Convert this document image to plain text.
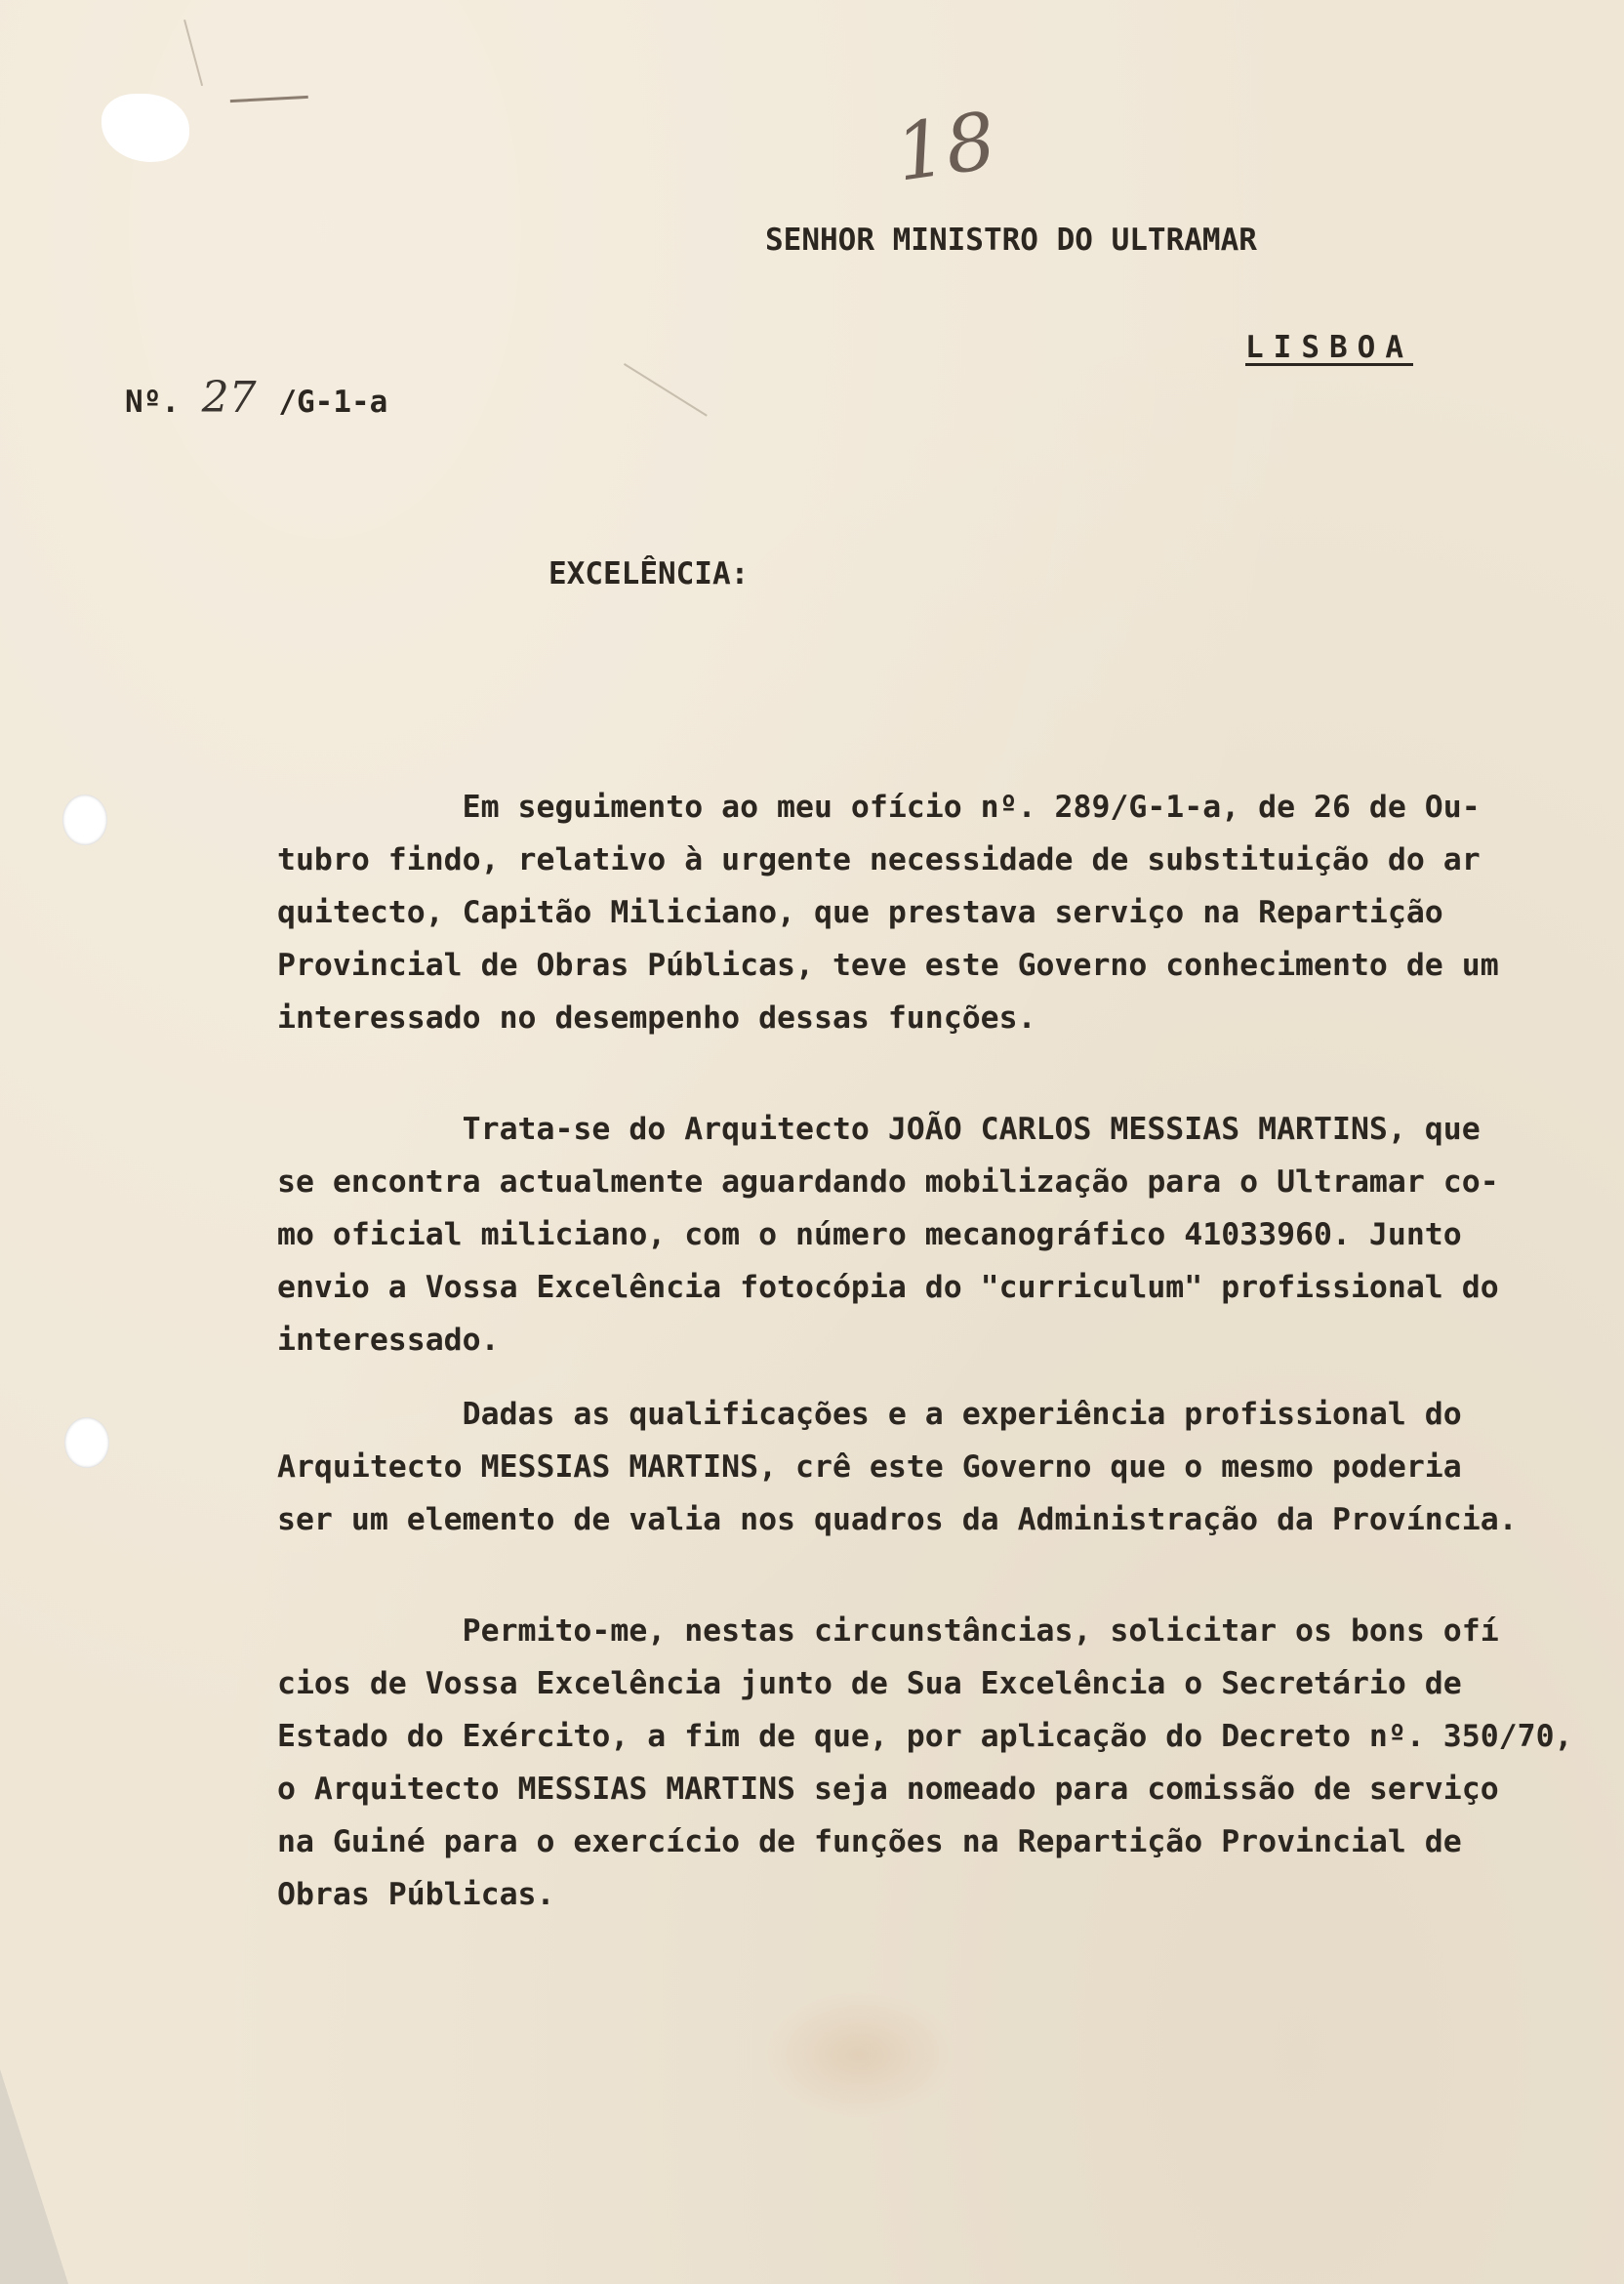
18
SENHOR MINISTRO DO ULTRAMAR
LISBOA
Nº. 27 /G-1-a
EXCELÊNCIA:
Em seguimento ao meu ofício nº. 289/G-1-a, de 26 de Ou-
tubro findo, relativo à urgente necessidade de substituição do ar
quitecto, Capitão Miliciano, que prestava serviço na Repartição
Provincial de Obras Públicas, teve este Governo conhecimento de um
interessado no desempenho dessas funções.
Trata-se do Arquitecto JOÃO CARLOS MESSIAS MARTINS, que
se encontra actualmente aguardando mobilização para o Ultramar co-
mo oficial miliciano, com o número mecanográfico 41033960. Junto
envio a Vossa Excelência fotocópia do "curriculum" profissional do
interessado.
Dadas as qualificações e a experiência profissional do
Arquitecto MESSIAS MARTINS, crê este Governo que o mesmo poderia
ser um elemento de valia nos quadros da Administração da Província.
Permito-me, nestas circunstâncias, solicitar os bons ofí
cios de Vossa Excelência junto de Sua Excelência o Secretário de
Estado do Exército, a fim de que, por aplicação do Decreto nº. 350/70,
o Arquitecto MESSIAS MARTINS seja nomeado para comissão de serviço
na Guiné para o exercício de funções na Repartição Provincial de
Obras Públicas.
